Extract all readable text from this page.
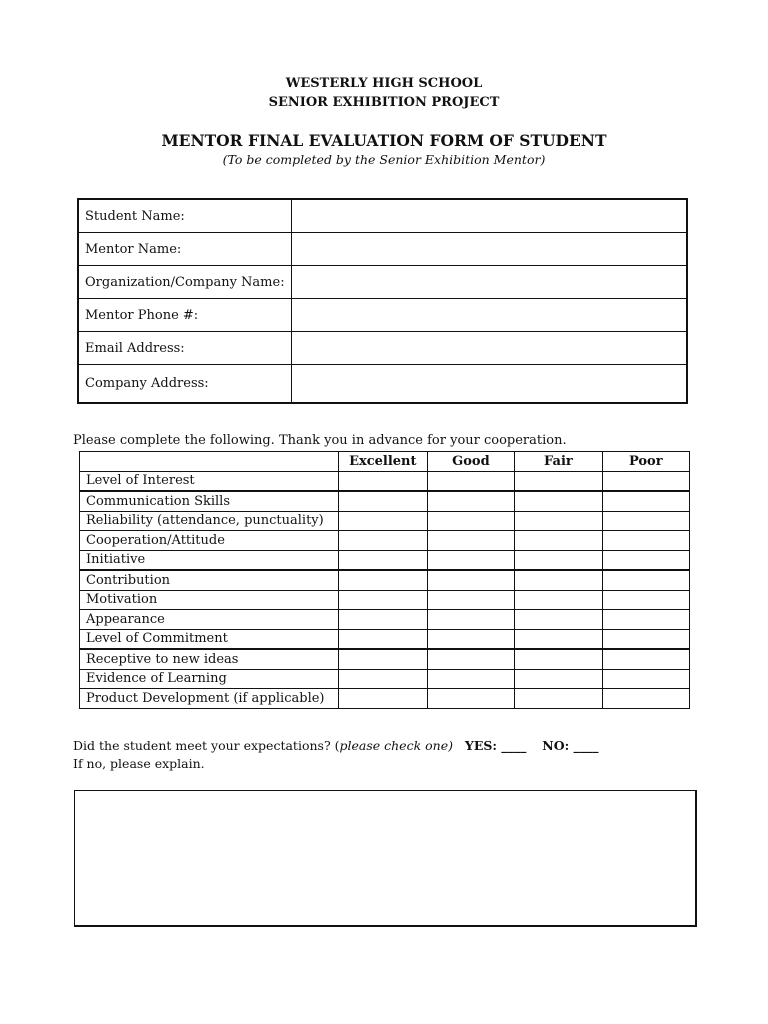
WESTERLY HIGH SCHOOL
SENIOR EXHIBITION PROJECT
MENTOR FINAL EVALUATION FORM OF STUDENT
(To be completed by the Senior Exhibition Mentor)
Student Name:	
Mentor Name:	
Organization/Company Name:	
Mentor Phone #:	
Email Address:	
Company Address:	
Please complete the following. Thank you in advance for your cooperation.
	Excellent	Good	Fair	Poor
Level of Interest				
Communication Skills				
Reliability (attendance, punctuality)				
Cooperation/Attitude				
Initiative				
Contribution				
Motivation				
Appearance				
Level of Commitment				
Receptive to new ideas				
Evidence of Learning				
Product Development (if applicable)				
Did the student meet your expectations? (please check one) YES: ____ NO: ____
If no, please explain.
